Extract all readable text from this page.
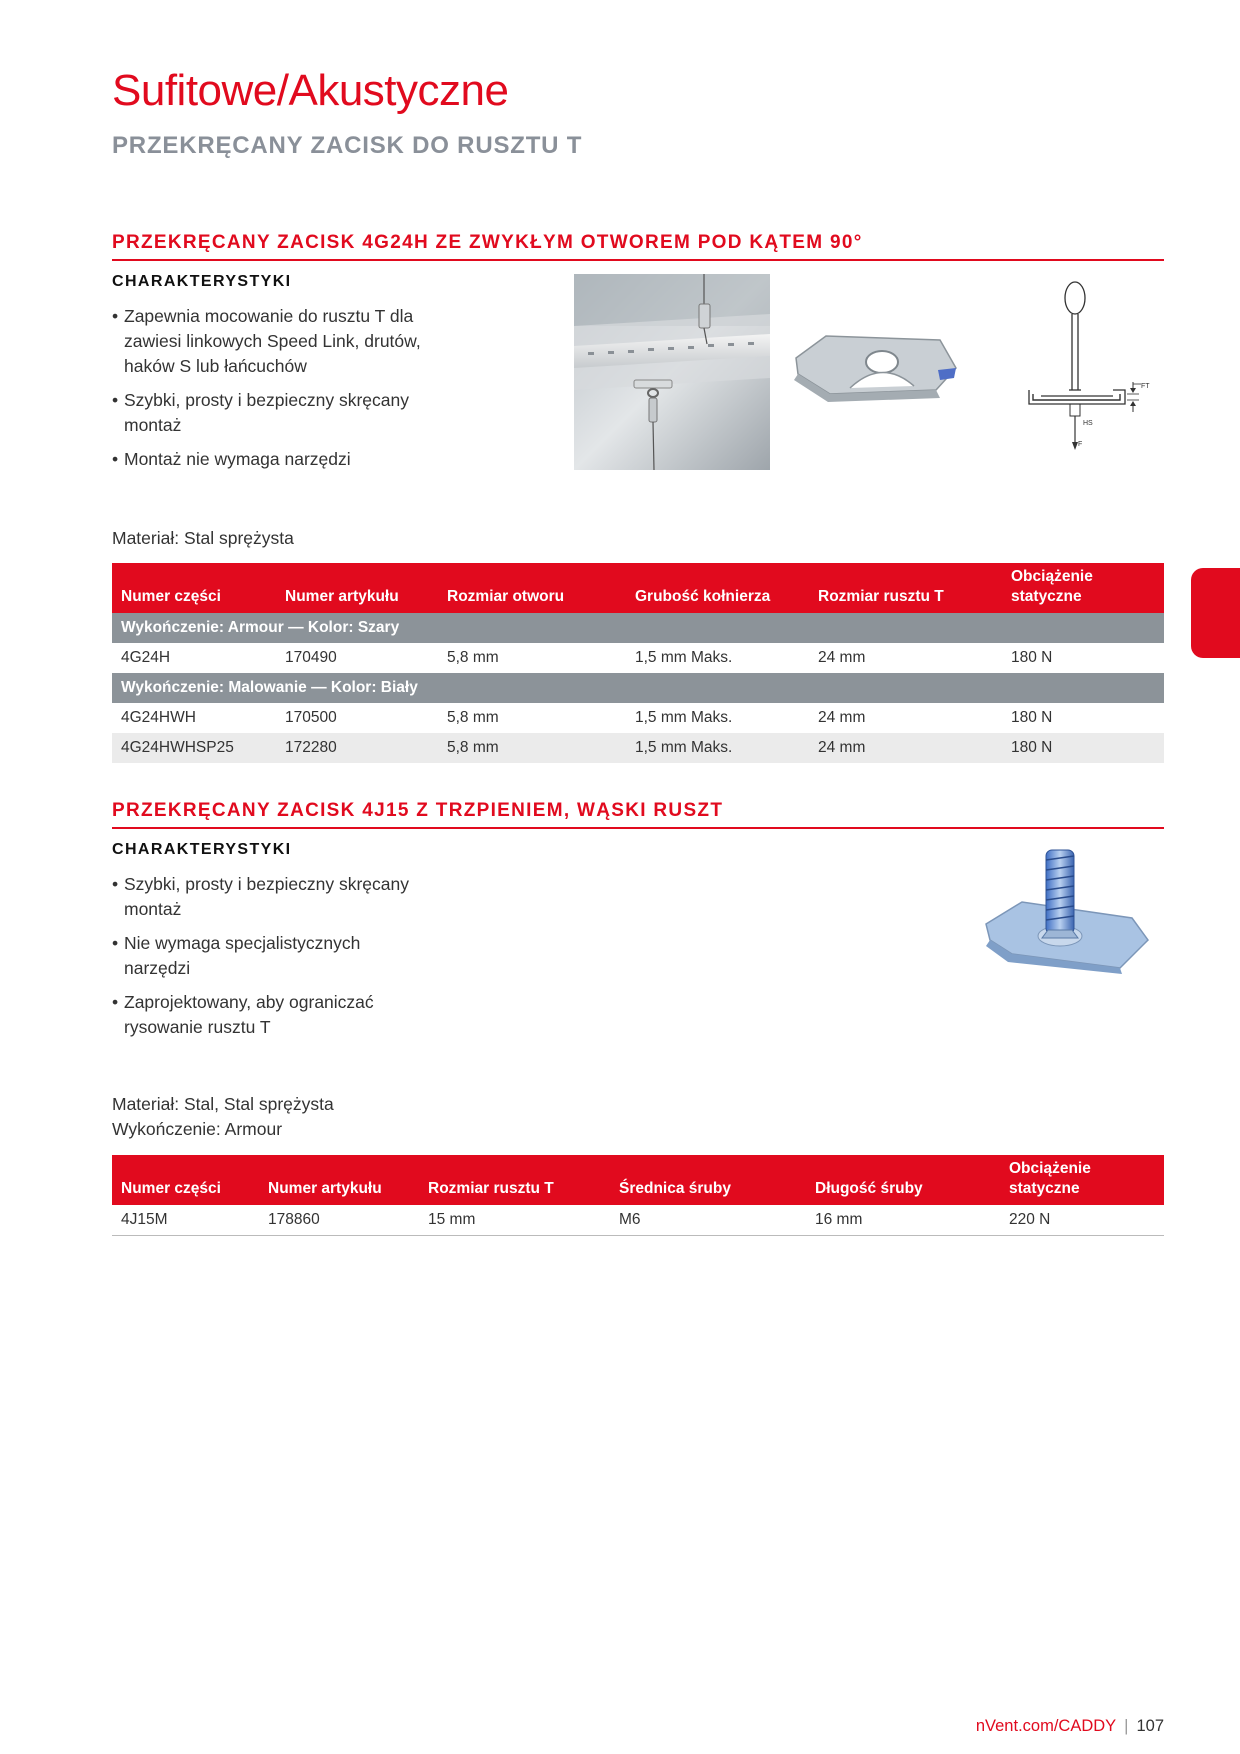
Sufitowe/Akustyczne
PRZEKRĘCANY ZACISK DO RUSZTU T
PRZEKRĘCANY ZACISK 4G24H ZE ZWYKŁYM OTWOREM POD KĄTEM 90°
CHARAKTERYSTYKI
• Zapewnia mocowanie do rusztu T dla zawiesi linkowych Speed Link, drutów, haków S lub łańcuchów
• Szybki, prosty i bezpieczny skręcany montaż
• Montaż nie wymaga narzędzi
FT
HS
F
Materiał: Stal sprężysta
Numer części	Numer artykułu	Rozmiar otworu	Grubość kołnierza	Rozmiar rusztu T	Obciążenie statyczne
Wykończenie: Armour — Kolor: Szary					
4G24H	170490	5,8 mm	1,5 mm Maks.	24 mm	180 N
Wykończenie: Malowanie — Kolor: Biały					
4G24HWH	170500	5,8 mm	1,5 mm Maks.	24 mm	180 N
4G24HWHSP25	172280	5,8 mm	1,5 mm Maks.	24 mm	180 N
PRZEKRĘCANY ZACISK 4J15 Z TRZPIENIEM, WĄSKI RUSZT
CHARAKTERYSTYKI
• Szybki, prosty i bezpieczny skręcany montaż
• Nie wymaga specjalistycznych narzędzi
• Zaprojektowany, aby ograniczać rysowanie rusztu T
Materiał: Stal, Stal sprężysta
Wykończenie: Armour
Numer części	Numer artykułu	Rozmiar rusztu T	Średnica śruby	Długość śruby	Obciążenie statyczne
4J15M	178860	15 mm	M6	16 mm	220 N
nVent.com/CADDY | 107
